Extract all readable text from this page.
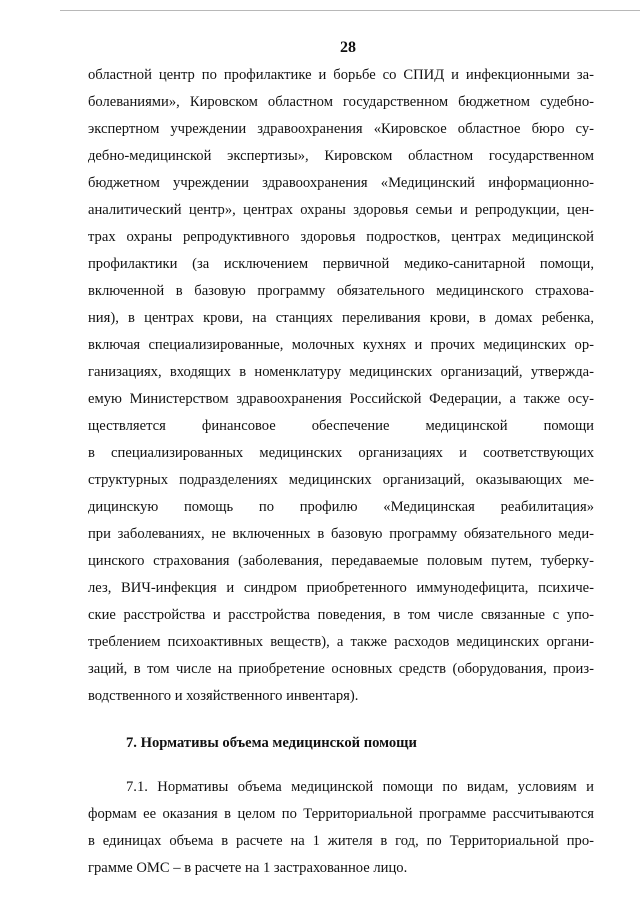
28
областной центр по профилактике и борьбе со СПИД и инфекционными за-
болеваниями», Кировском областном государственном бюджетном судебно-
экспертном учреждении здравоохранения «Кировское областное бюро су-
дебно-медицинской экспертизы», Кировском областном государственном
бюджетном учреждении здравоохранения «Медицинский информационно-
аналитический центр», центрах охраны здоровья семьи и репродукции, цен-
трах охраны репродуктивного здоровья подростков, центрах медицинской
профилактики (за исключением первичной медико-санитарной помощи,
включенной в базовую программу обязательного медицинского страхова-
ния), в центрах крови, на станциях переливания крови, в домах ребенка,
включая специализированные, молочных кухнях и прочих медицинских ор-
ганизациях, входящих в номенклатуру медицинских организаций, утвержда-
емую Министерством здравоохранения Российской Федерации, а также осу-
ществляется финансовое обеспечение медицинской помощи
в специализированных медицинских организациях и соответствующих
структурных подразделениях медицинских организаций, оказывающих ме-
дицинскую помощь по профилю «Медицинская реабилитация»
при заболеваниях, не включенных в базовую программу обязательного меди-
цинского страхования (заболевания, передаваемые половым путем, туберку-
лез, ВИЧ-инфекция и синдром приобретенного иммунодефицита, психиче-
ские расстройства и расстройства поведения, в том числе связанные с упо-
треблением психоактивных веществ), а также расходов медицинских органи-
заций, в том числе на приобретение основных средств (оборудования, произ-
водственного и хозяйственного инвентаря).
7. Нормативы объема медицинской помощи
7.1. Нормативы объема медицинской помощи по видам, условиям и
формам ее оказания в целом по Территориальной программе рассчитываются
в единицах объема в расчете на 1 жителя в год, по Территориальной про-
грамме ОМС – в расчете на 1 застрахованное лицо.
